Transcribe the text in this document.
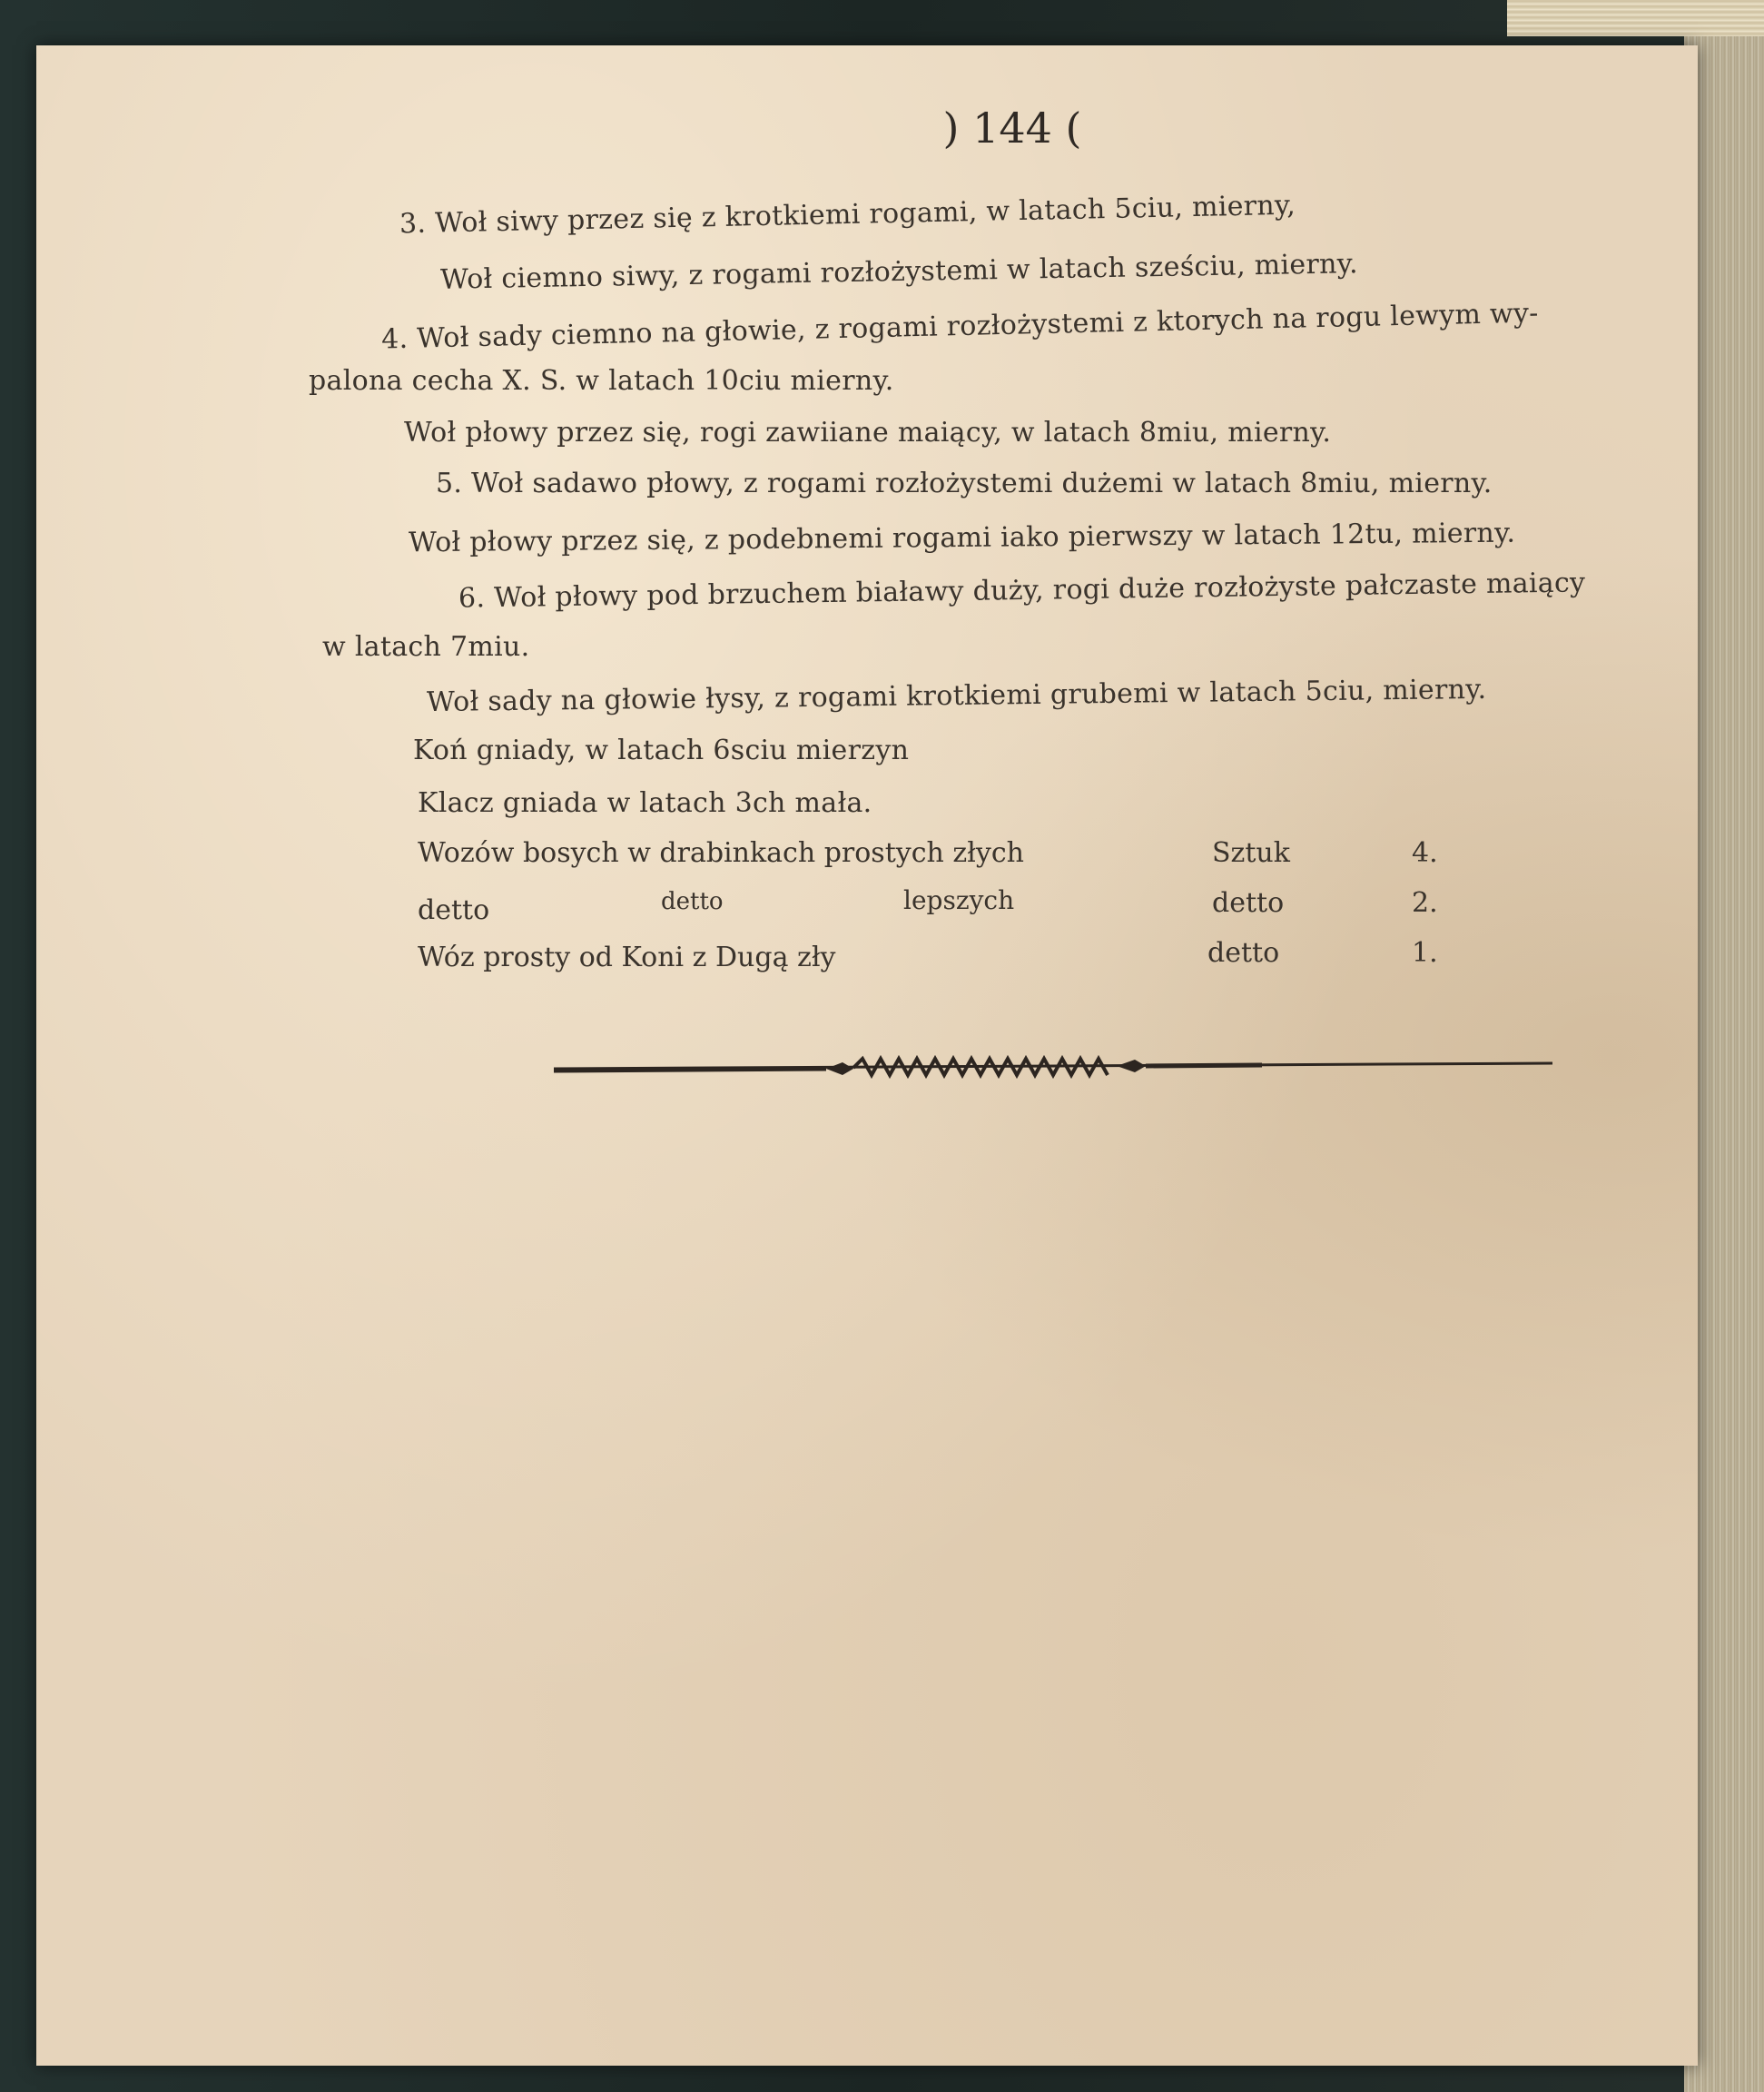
) 144 (
3. Woł siwy przez się z krotkiemi rogami, w latach 5ciu, mierny,
Woł ciemno siwy, z rogami rozłożystemi w latach sześciu, mierny.
4. Woł sady ciemno na głowie, z rogami rozłożystemi z ktorych na rogu lewym wy-
palona cecha X. S. w latach 10ciu mierny.
Woł płowy przez się, rogi zawiiane maiący, w latach 8miu, mierny.
5. Woł sadawo płowy, z rogami rozłożystemi dużemi w latach 8miu, mierny.
Woł płowy przez się, z podebnemi rogami iako pierwszy w latach 12tu, mierny.
6. Woł płowy pod brzuchem białawy duży, rogi duże rozłożyste pałczaste maiący
w latach 7miu.
Woł sady na głowie łysy, z rogami krotkiemi grubemi w latach 5ciu, mierny.
Koń gniady, w latach 6sciu mierzyn
Klacz gniada w latach 3ch mała.
Wozów bosych w drabinkach prostych złych	Sztuk	4.
detto	detto	lepszych	detto	2.
Wóz prosty od Koni z Dugą zły	detto	1.
